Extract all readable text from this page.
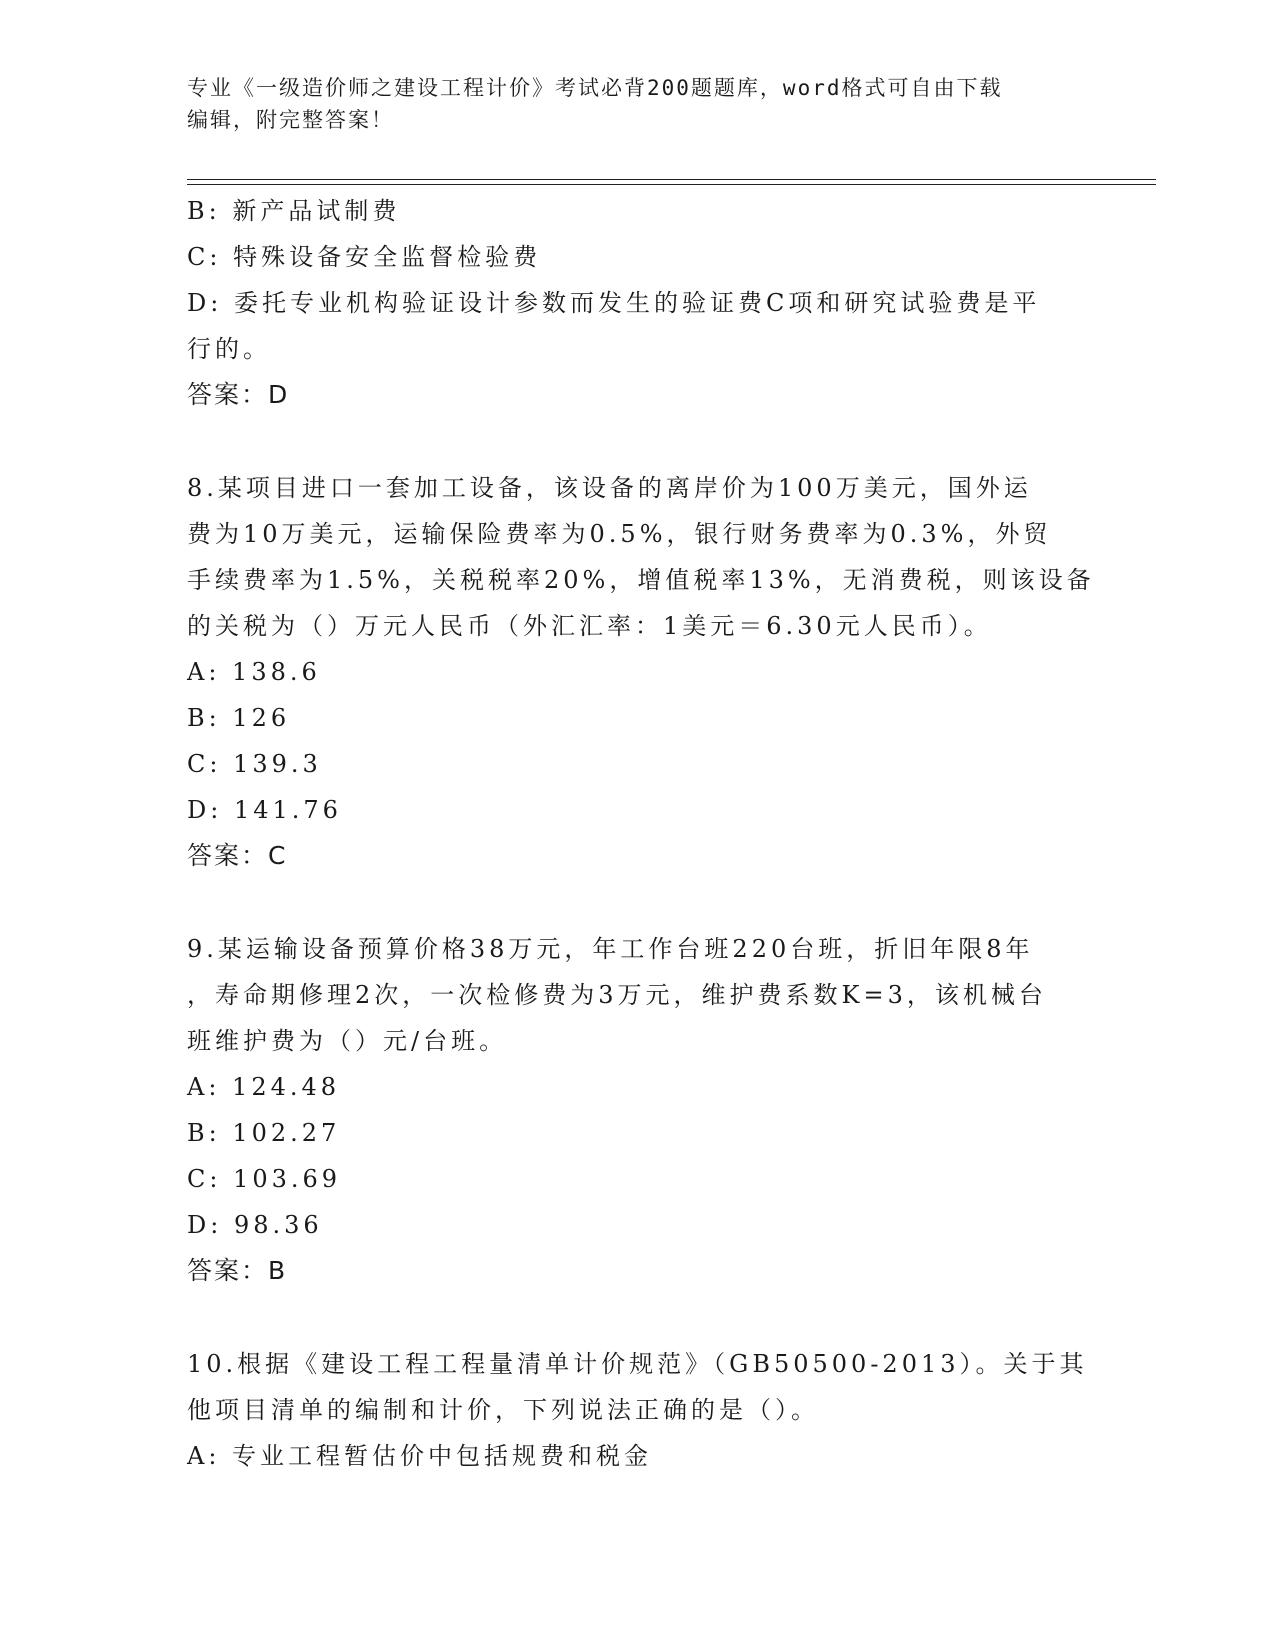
专业《一级造价师之建设工程计价》考试必背200题题库，word格式可自由下载
编辑，附完整答案！
B: 新产品试制费
C: 特殊设备安全监督检验费
D: 委托专业机构验证设计参数而发生的验证费C项和研究试验费是平
行的。
答案：D
8.某项目进口一套加工设备，该设备的离岸价为100万美元，国外运
费为10万美元，运输保险费率为0.5%，银行财务费率为0.3%，外贸
手续费率为1.5%，关税税率20%，增值税率13%，无消费税，则该设备
的关税为（）万元人民币（外汇汇率：1美元＝6.30元人民币）。
A: 138.6
B: 126
C: 139.3
D: 141.76
答案：C
9.某运输设备预算价格38万元，年工作台班220台班，折旧年限8年
，寿命期修理2次，一次检修费为3万元，维护费系数K=3，该机械台
班维护费为（）元/台班。
A: 124.48
B: 102.27
C: 103.69
D: 98.36
答案：B
10.根据《建设工程工程量清单计价规范》（GB50500-2013）。关于其
他项目清单的编制和计价，下列说法正确的是（）。
A: 专业工程暂估价中包括规费和税金
